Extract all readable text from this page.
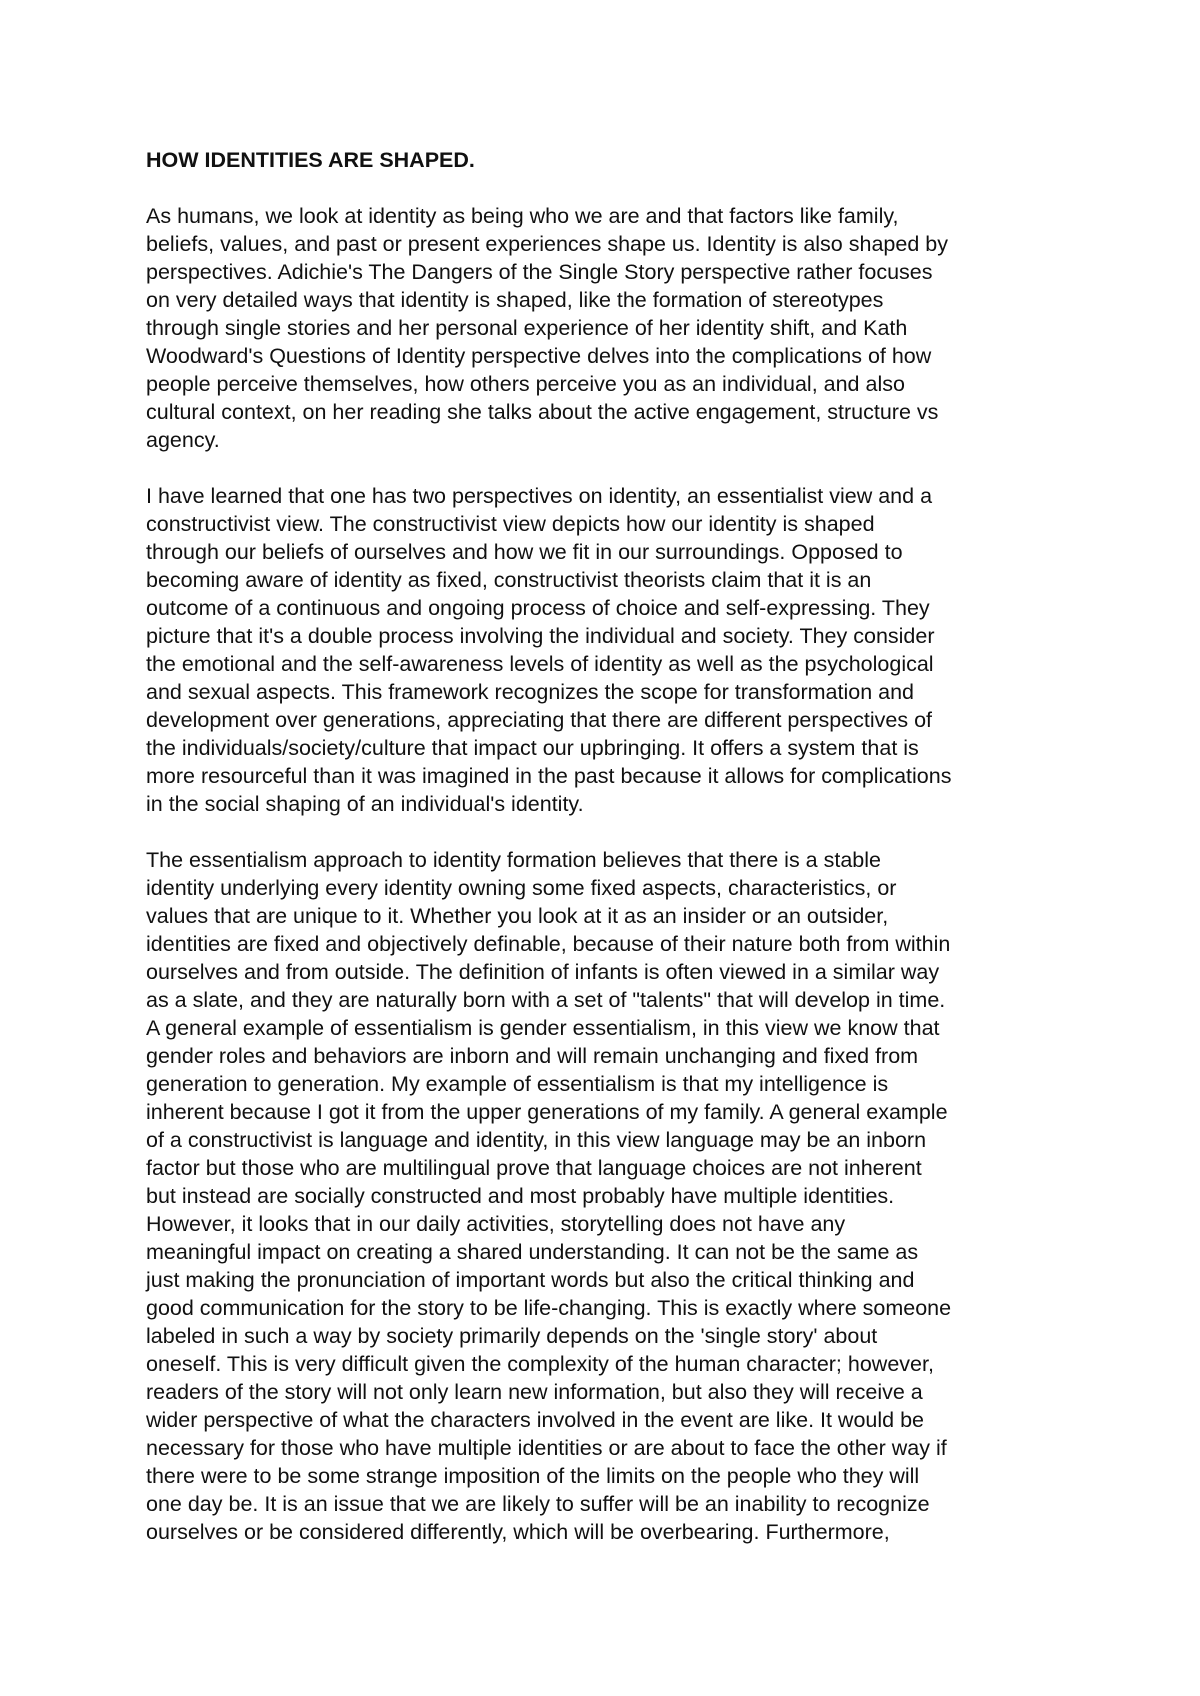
HOW IDENTITIES ARE SHAPED.
As humans, we look at identity as being who we are and that factors like family,
beliefs, values, and past or present experiences shape us. Identity is also shaped by
perspectives. Adichie's The Dangers of the Single Story perspective rather focuses
on very detailed ways that identity is shaped, like the formation of stereotypes
through single stories and her personal experience of her identity shift, and Kath
Woodward's Questions of Identity perspective delves into the complications of how
people perceive themselves, how others perceive you as an individual, and also
cultural context, on her reading she talks about the active engagement, structure vs
agency.
I have learned that one has two perspectives on identity, an essentialist view and a
constructivist view. The constructivist view depicts how our identity is shaped
through our beliefs of ourselves and how we fit in our surroundings. Opposed to
becoming aware of identity as fixed, constructivist theorists claim that it is an
outcome of a continuous and ongoing process of choice and self-expressing. They
picture that it's a double process involving the individual and society. They consider
the emotional and the self-awareness levels of identity as well as the psychological
and sexual aspects. This framework recognizes the scope for transformation and
development over generations, appreciating that there are different perspectives of
the individuals/society/culture that impact our upbringing. It offers a system that is
more resourceful than it was imagined in the past because it allows for complications
in the social shaping of an individual's identity.
The essentialism approach to identity formation believes that there is a stable
identity underlying every identity owning some fixed aspects, characteristics, or
values that are unique to it. Whether you look at it as an insider or an outsider,
identities are fixed and objectively definable, because of their nature both from within
ourselves and from outside. The definition of infants is often viewed in a similar way
as a slate, and they are naturally born with a set of "talents" that will develop in time.
A general example of essentialism is gender essentialism, in this view we know that
gender roles and behaviors are inborn and will remain unchanging and fixed from
generation to generation. My example of essentialism is that my intelligence is
inherent because I got it from the upper generations of my family. A general example
of a constructivist is language and identity, in this view language may be an inborn
factor but those who are multilingual prove that language choices are not inherent
but instead are socially constructed and most probably have multiple identities.
However, it looks that in our daily activities, storytelling does not have any
meaningful impact on creating a shared understanding. It can not be the same as
just making the pronunciation of important words but also the critical thinking and
good communication for the story to be life-changing. This is exactly where someone
labeled in such a way by society primarily depends on the 'single story' about
oneself. This is very difficult given the complexity of the human character; however,
readers of the story will not only learn new information, but also they will receive a
wider perspective of what the characters involved in the event are like. It would be
necessary for those who have multiple identities or are about to face the other way if
there were to be some strange imposition of the limits on the people who they will
one day be. It is an issue that we are likely to suffer will be an inability to recognize
ourselves or be considered differently, which will be overbearing. Furthermore,
